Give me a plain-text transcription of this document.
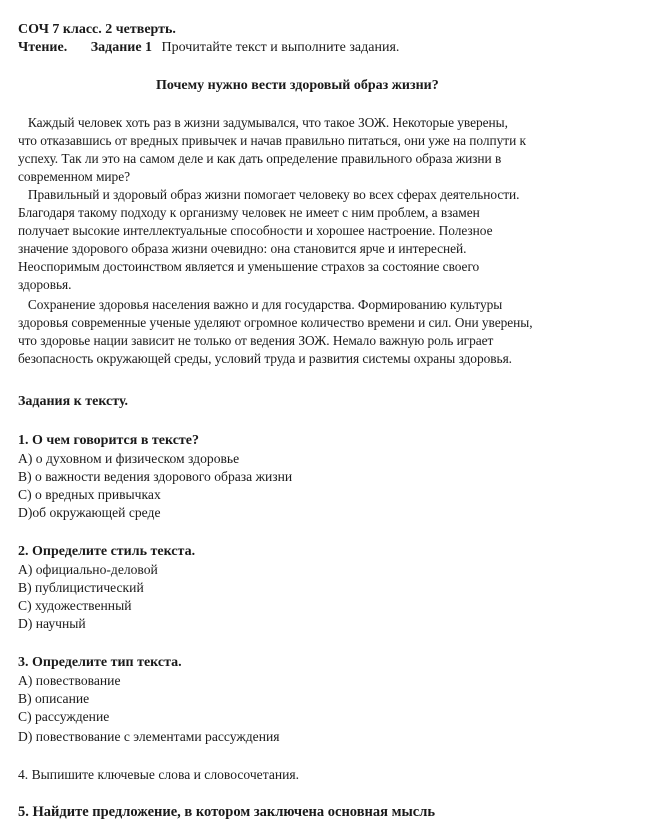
СОЧ 7 класс. 2 четверть.
Чтение. Задание 1 Прочитайте текст и выполните задания.
Почему нужно вести здоровый образ жизни?
Каждый человек хоть раз в жизни задумывался, что такое ЗОЖ. Некоторые уверены,
что отказавшись от вредных привычек и начав правильно питаться, они уже на полпути к
успеху. Так ли это на самом деле и как дать определение правильного образа жизни в
современном мире?
Правильный и здоровый образ жизни помогает человеку во всех сферах деятельности.
Благодаря такому подходу к организму человек не имеет с ним проблем, а взамен
получает высокие интеллектуальные способности и хорошее настроение. Полезное
значение здорового образа жизни очевидно: она становится ярче и интересней.
Неоспоримым достоинством является и уменьшение страхов за состояние своего
здоровья.
Сохранение здоровья населения важно и для государства. Формированию культуры
здоровья современные ученые уделяют огромное количество времени и сил. Они уверены,
что здоровье нации зависит не только от ведения ЗОЖ. Немало важную роль играет
безопасность окружающей среды, условий труда и развития системы охраны здоровья.
Задания к тексту.
1. О чем говорится в тексте?
A) о духовном и физическом здоровье
B) о важности ведения здорового образа жизни
C) о вредных привычках
D)об окружающей среде
2. Определите стиль текста.
A) официально-деловой
B) публицистический
C) художественный
D) научный
3. Определите тип текста.
A) повествование
B) описание
C) рассуждение
D) повествование с элементами рассуждения
4. Выпишите ключевые слова и словосочетания.
5. Найдите предложение, в котором заключена основная мысль
